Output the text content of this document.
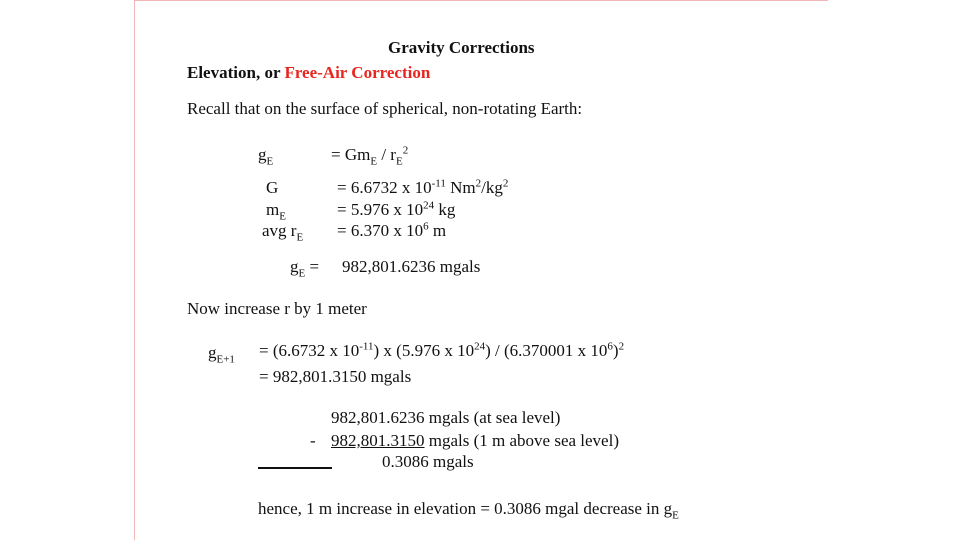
Gravity Corrections
Elevation, or Free-Air Correction
Recall that on the surface of spherical, non-rotating Earth:
$g_E$	= $Gm_E / r_E^2$
G	= 6.6732 x $10^{-11}$ $Nm^2/kg^2$
$m_E$	= 5.976 x $10^{24}$ kg
avg $r_E = 6.370$ x $10^6$ m
$g_E = 982,801.6236$ mgals
Now increase r by 1 meter
$g_{E+1} = (6.6732$ x $10^{-11}$) x (5.976 x $10^{24}) / (6.370001$ x $10^6)^2$
= 982,801.3150 mgals
982,801.6236 mgals (at sea level)
- 982,801.3150 mgals (1 m above sea level)
0.3086 mgals
hence, 1 m increase in elevation = 0.3086 mgal decrease in $g_E$
